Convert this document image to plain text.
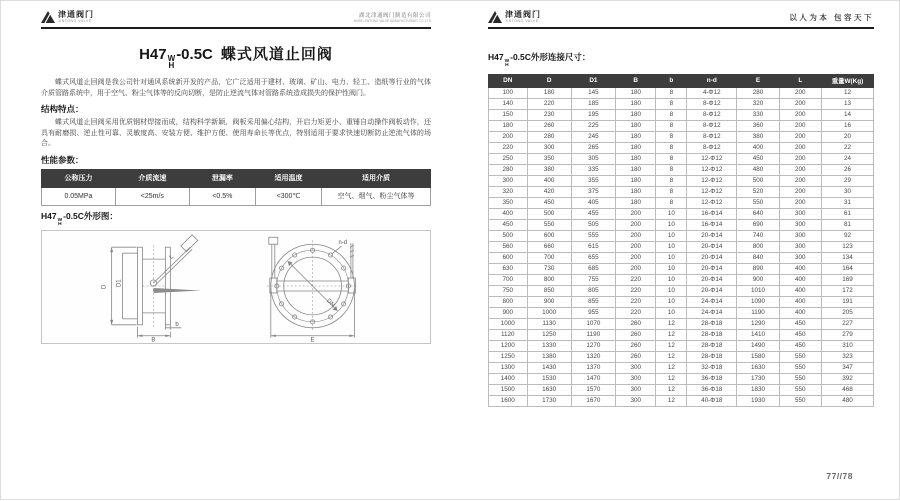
津通阀门
JINTONG VALVE
湖北津通阀门制造有限公司
HUBEI JINTONG VALVE MANUFACTURING CO.,LTD
H47 W
H
-0.5C 蝶式风道止回阀

蝶式风道止回阀是我公司针对通风系统新开发的产品，它广泛适用于建材、玻璃、矿山、电力、轻工、造纸等行业的气体介质管路系统中，用于空气、粉尘气体等的反向切断，是防止逆流气体对管路系统造成损失的保护性阀门。

结构特点：

蝶式风道止回阀采用优质钢材焊接而成，结构科学新颖，阀板采用偏心结构，开启力矩更小、重锤自动操作阀板动作，还具有耐磨损、逆止性可靠、灵敏度高、安装方便、维护方便、使用寿命长等优点，特别适用于要求快速切断防止逆流气体的场合。

性能参数：
公称压力	介质流速	泄漏率	适用温度	适用介质
0.05MPa	<25m/s	<0.5%	<300℃	空气、烟气、粉尘气体等
H47 W
H
-0.5C外形图：
D D1
L
b
B
DN
n-d
E
津通阀门
JINTONG VALVE	以人为本 包容天下
H47 W
H
-0.5C外形连接尺寸：
DN	D	D1	B	b	n-d	E	L	重量W(Kg)
100	180	145	180	8	4-Φ12	280	200	12
140	220	185	180	8	8-Φ12	320	200	13
150	230	195	180	8	8-Φ12	330	200	14
180	260	225	180	8	8-Φ12	360	200	16
200	280	245	180	8	8-Φ12	380	200	20
220	300	265	180	8	8-Φ12	400	200	22
250	350	305	180	8	12-Φ12	450	200	24
280	380	335	180	8	12-Φ12	480	200	26
300	400	355	180	8	12-Φ12	500	200	29
320	420	375	180	8	12-Φ12	520	200	30
350	450	405	180	8	12-Φ12	550	200	31
400	500	455	200	10	16-Φ14	640	300	61
450	550	505	200	10	16-Φ14	690	300	81
500	600	555	200	10	20-Φ14	740	300	92
560	660	615	200	10	20-Φ14	800	300	123
600	700	655	200	10	20-Φ14	840	300	134
630	730	685	200	10	20-Φ14	890	400	164
700	800	755	220	10	20-Φ14	900	400	169
750	850	805	220	10	20-Φ14	1010	400	172
800	900	855	220	10	24-Φ14	1090	400	191
900	1000	955	220	10	24-Φ14	1190	400	205
1000	1130	1070	260	12	28-Φ18	1290	450	227
1120	1250	1190	260	12	28-Φ18	1410	450	279
1200	1330	1270	260	12	28-Φ18	1490	450	310
1250	1380	1320	260	12	28-Φ18	1580	550	323
1300	1430	1370	300	12	32-Φ18	1630	550	347
1400	1530	1470	300	12	36-Φ18	1730	550	392
1500	1630	1570	300	12	36-Φ18	1830	550	468
1600	1730	1670	300	12	40-Φ18	1930	550	480
77//78
